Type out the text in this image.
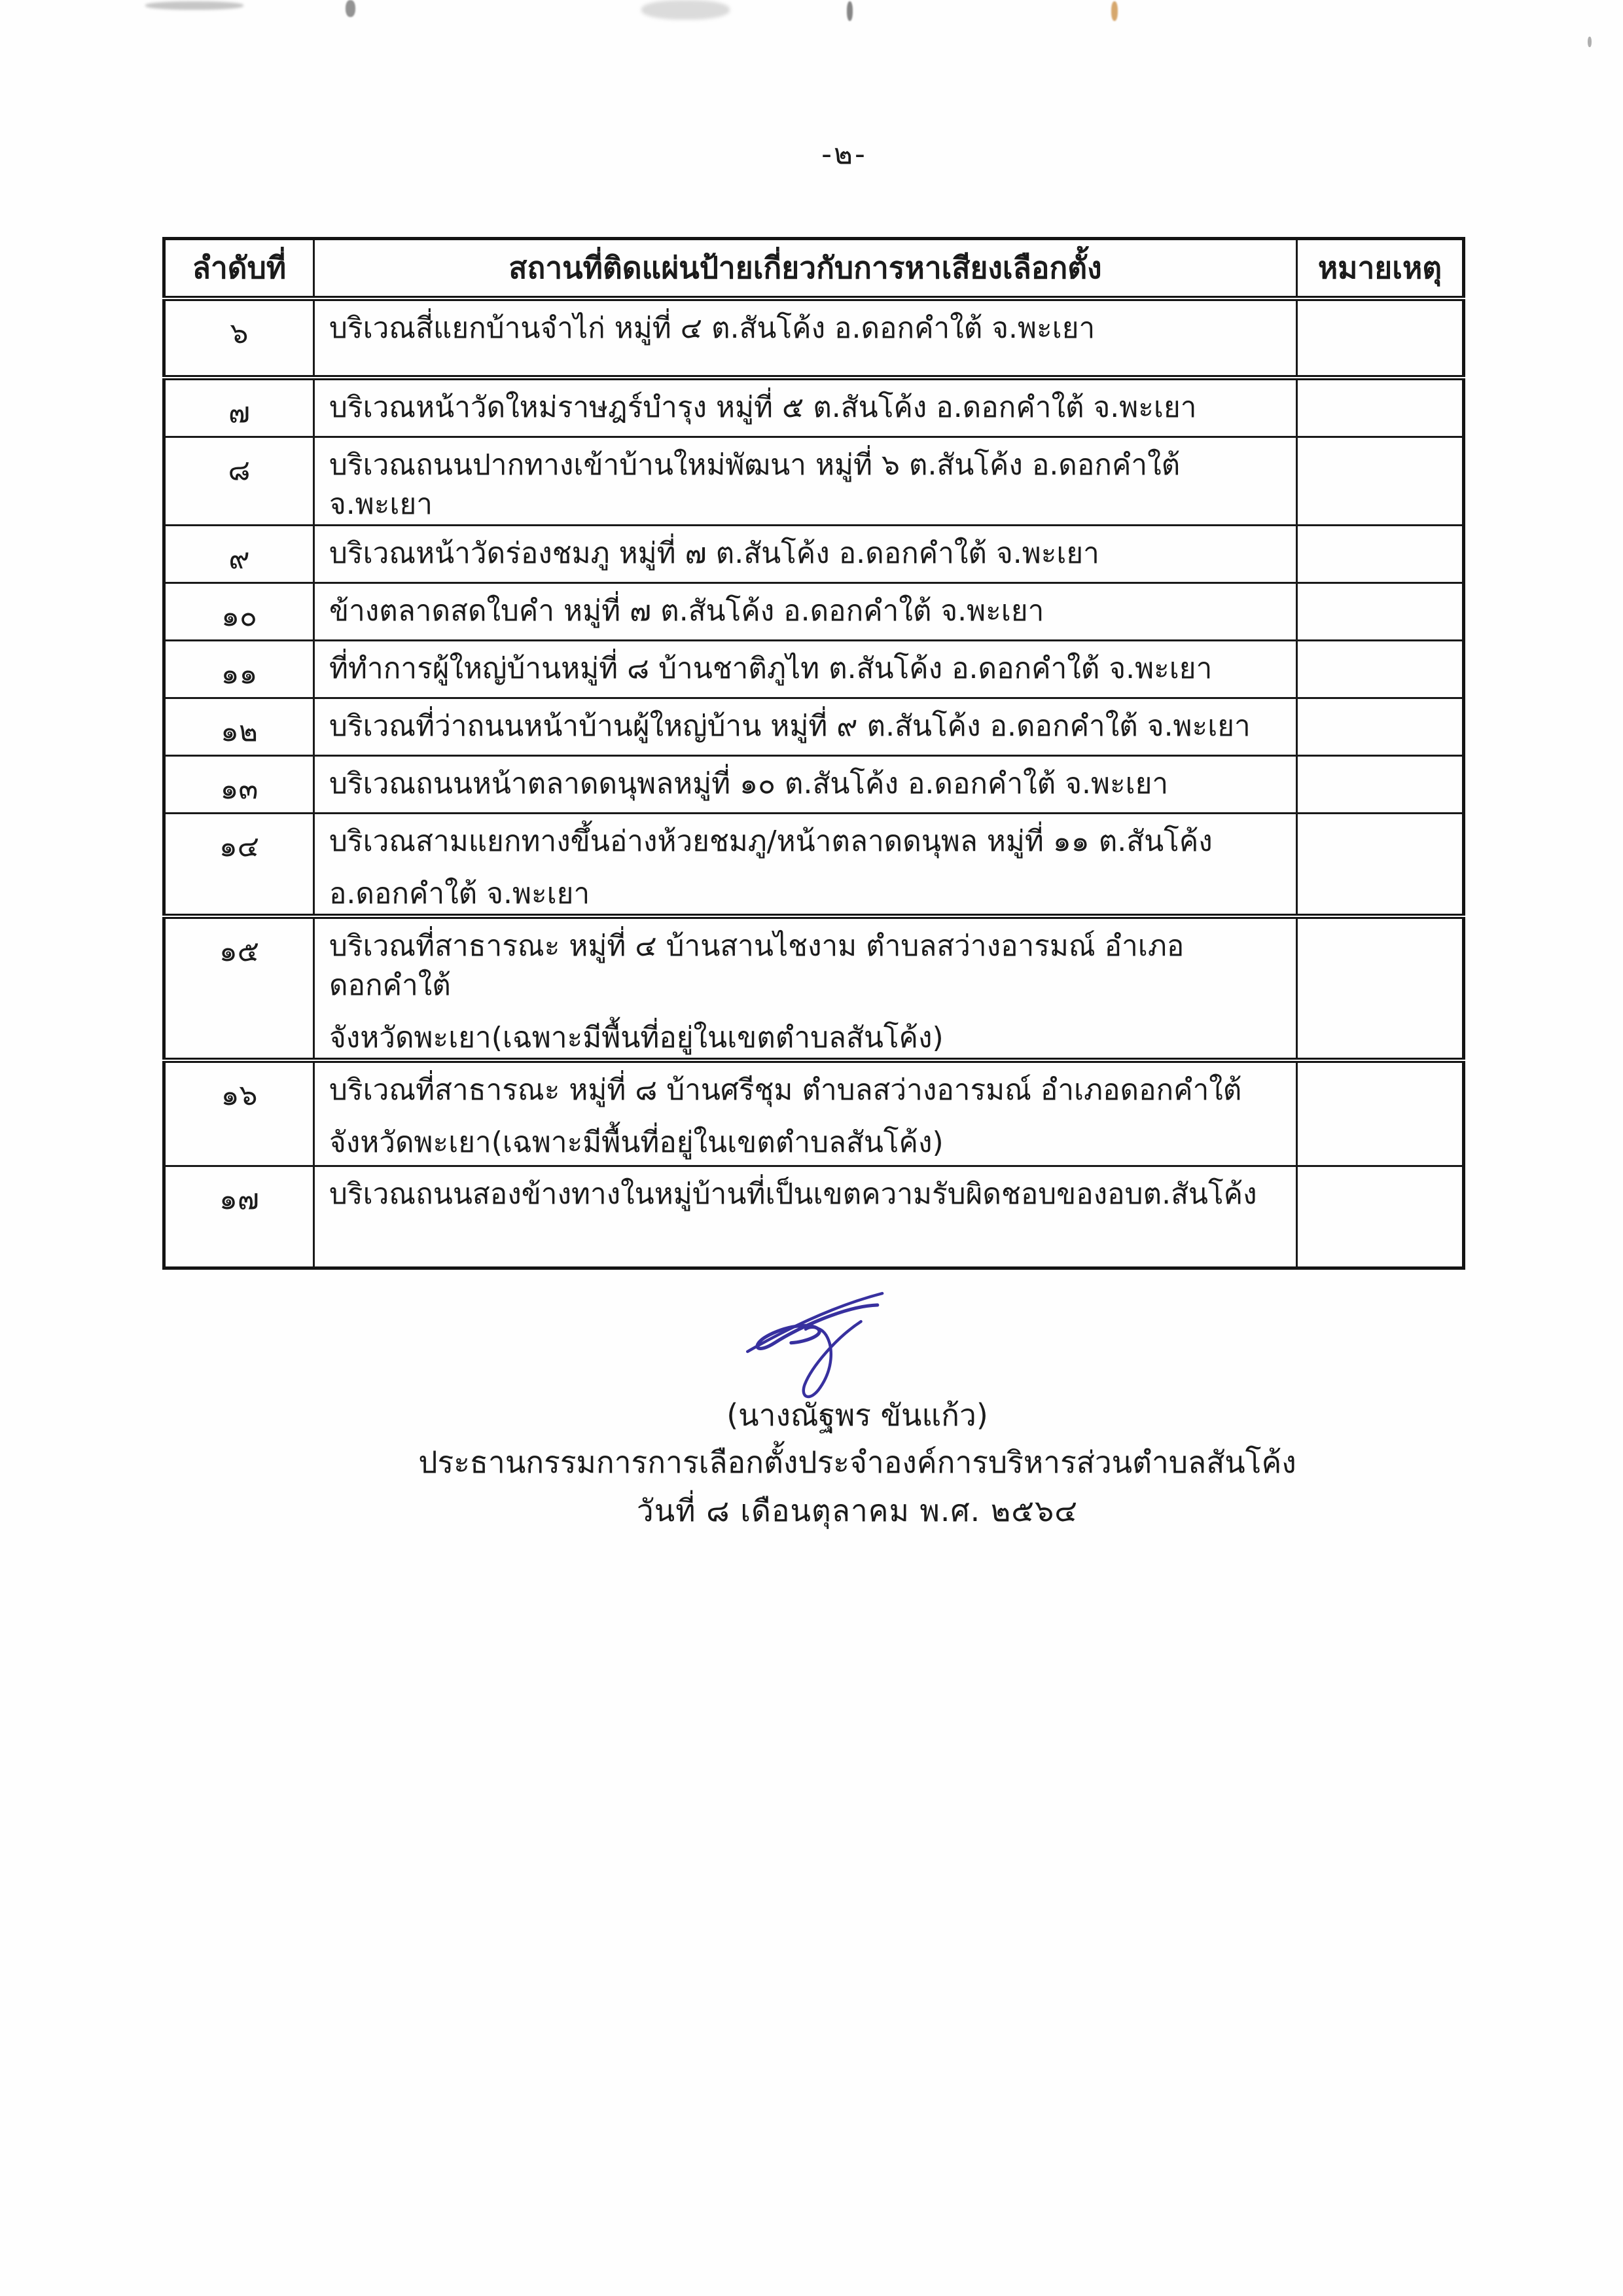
-๒-
ลำดับที่	สถานที่ติดแผ่นป้ายเกี่ยวกับการหาเสียงเลือกตั้ง	หมายเหตุ
๖	บริเวณสี่แยกบ้านจำไก่ หมู่ที่ ๔ ต.สันโค้ง อ.ดอกคำใต้ จ.พะเยา	

๗	บริเวณหน้าวัดใหม่ราษฎร์บำรุง หมู่ที่ ๕ ต.สันโค้ง อ.ดอกคำใต้ จ.พะเยา	

๘	บริเวณถนนปากทางเข้าบ้านใหม่พัฒนา หมู่ที่ ๖ ต.สันโค้ง อ.ดอกคำใต้ จ.พะเยา	

๙	บริเวณหน้าวัดร่องชมภู หมู่ที่ ๗ ต.สันโค้ง อ.ดอกคำใต้ จ.พะเยา	

๑๐	ข้างตลาดสดใบคำ หมู่ที่ ๗ ต.สันโค้ง อ.ดอกคำใต้ จ.พะเยา	

๑๑	ที่ทำการผู้ใหญ่บ้านหมู่ที่ ๘ บ้านชาติภูไท ต.สันโค้ง อ.ดอกคำใต้ จ.พะเยา	

๑๒	บริเวณที่ว่าถนนหน้าบ้านผู้ใหญ่บ้าน หมู่ที่ ๙ ต.สันโค้ง อ.ดอกคำใต้ จ.พะเยา	

๑๓	บริเวณถนนหน้าตลาดดนุพลหมู่ที่ ๑๐ ต.สันโค้ง อ.ดอกคำใต้ จ.พะเยา	

๑๔	บริเวณสามแยกทางขึ้นอ่างห้วยชมภู/หน้าตลาดดนุพล หมู่ที่ ๑๑ ต.สันโค้ง
อ.ดอกคำใต้ จ.พะเยา	

๑๕	บริเวณที่สาธารณะ หมู่ที่ ๔ บ้านสานไชงาม ตำบลสว่างอารมณ์ อำเภอดอกคำใต้
จังหวัดพะเยา(เฉพาะมีพื้นที่อยู่ในเขตตำบลสันโค้ง)	

๑๖	บริเวณที่สาธารณะ หมู่ที่ ๘ บ้านศรีชุม ตำบลสว่างอารมณ์ อำเภอดอกคำใต้
จังหวัดพะเยา(เฉพาะมีพื้นที่อยู่ในเขตตำบลสันโค้ง)	

๑๗	บริเวณถนนสองข้างทางในหมู่บ้านที่เป็นเขตความรับผิดชอบของอบต.สันโค้ง	

(นางณัฐพร ขันแก้ว)
ประธานกรรมการการเลือกตั้งประจำองค์การบริหารส่วนตำบลสันโค้ง
วันที่ ๘ เดือนตุลาคม พ.ศ. ๒๕๖๔
